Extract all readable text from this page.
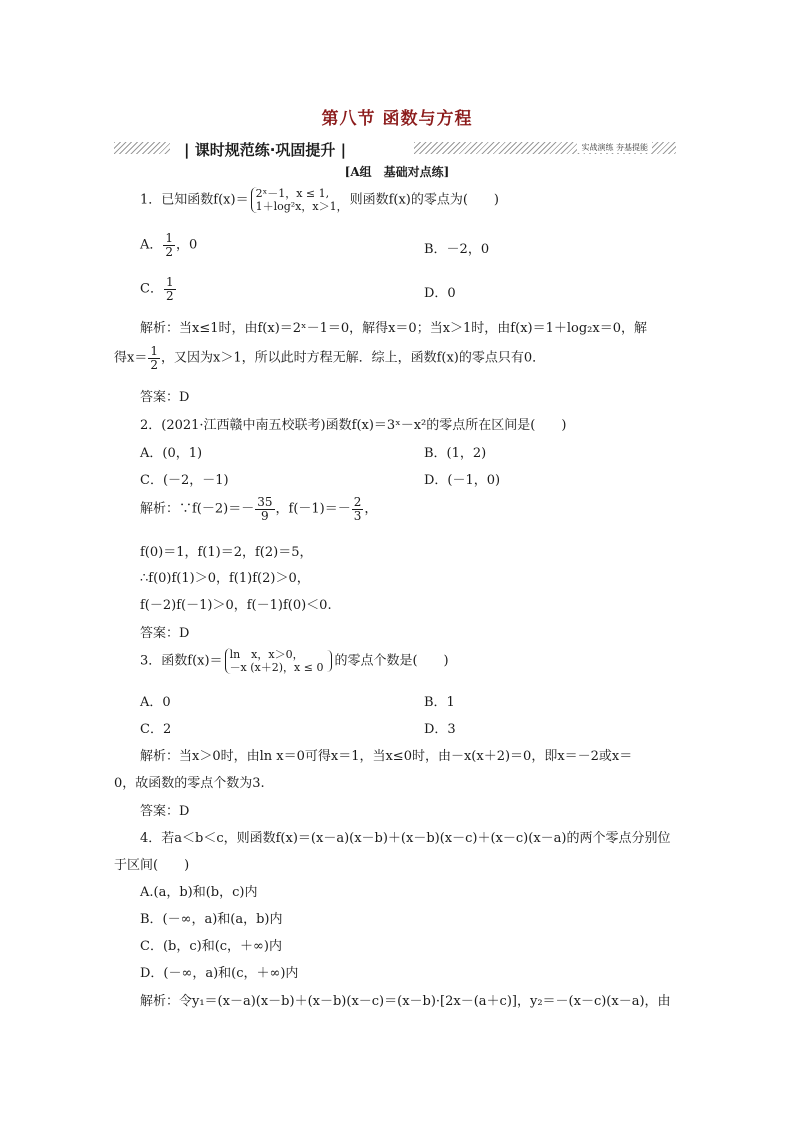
第八节 函数与方程
| 课时规范练·巩固提升 |	实战演练 夯基提能
[A组　基础对点练]
1．已知函数f(x)＝ 2ˣ－1，x ≤ 1,
1＋log²x，x＞1， 则函数f(x)的零点为(　　)
A． $\frac{1}{2}$ ，0	B．－2，0
C． $\frac{1}{2}$	D．0
解析：当x≤1时，由f(x)＝2ˣ－1＝0，解得x＝0；当x＞1时，由f(x)＝1＋log₂x＝0，解
得$x= \frac{1}{2}$ ，又因为x＞1，所以此时方程无解．综上，函数f(x)的零点只有0．
答案：D
2．(2021·江西赣中南五校联考)函数f(x)＝3ˣ－x²的零点所在区间是(　　)
A．(0，1)	B．(1，2)
C．(－2，－1)	D．(－1，0)
解析：∵f(－2)＝－ $\frac{35}{9}$ ，$f(-1)=- \frac{2}{3}$ ，
f(0)＝1，f(1)＝2，f(2)＝5，
∴f(0)f(1)＞0，f(1)f(2)＞0，
f(－2)f(－1)＞0，f(－1)f(0)＜0.
答案：D
3．函数f(x)＝ ln　x，x＞0，
－x (x＋2)，x ≤ 0 的零点个数是(　　)
A．0	B．1
C．2	D．3
解析：当x＞0时，由ln x＝0可得x＝1，当x≤0时，由－x(x＋2)＝0，即x＝－2或x＝
0，故函数的零点个数为3.
答案：D
4．若a＜b＜c，则函数f(x)＝(x－a)(x－b)＋(x－b)(x－c)＋(x－c)(x－a)的两个零点分别位
于区间(　　)
A.(a，b)和(b，c)内
B．(－∞，a)和(a，b)内
C．(b，c)和(c，＋∞)内
D．(－∞，a)和(c，＋∞)内
解析：令y₁＝(x－a)(x－b)＋(x－b)(x－c)＝(x－b)·[2x－(a＋c)]，y₂＝－(x－c)(x－a)，由
